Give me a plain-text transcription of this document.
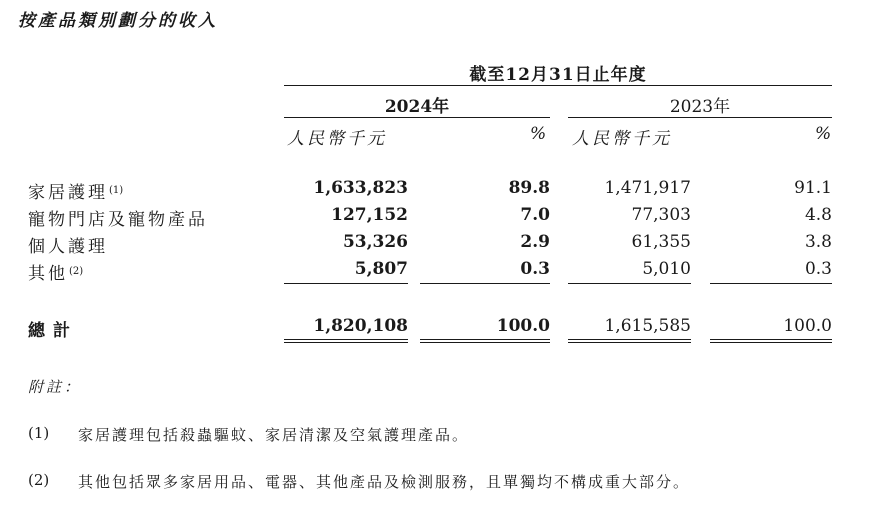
按產品類別劃分的收入
截至12月31日止年度
2024年	2023年
人民幣千元	% 人民幣千元	%
家居護理$^{(1)}$	1,633,823	89.8	1,471,917	91.1
寵物門店及寵物產品	127,152	7.0	77,303	4.8
個人護理	53,326	2.9	61,355	3.8
其他$^{(2)}$	5,807	0.3	5,010	0.3
總計	1,820,108	100.0	1,615,585	100.0
附註：
(1) 家居護理包括殺蟲驅蚊、家居清潔及空氣護理產品。
(2) 其他包括眾多家居用品、電器、其他產品及檢測服務，且單獨均不構成重大部分。
